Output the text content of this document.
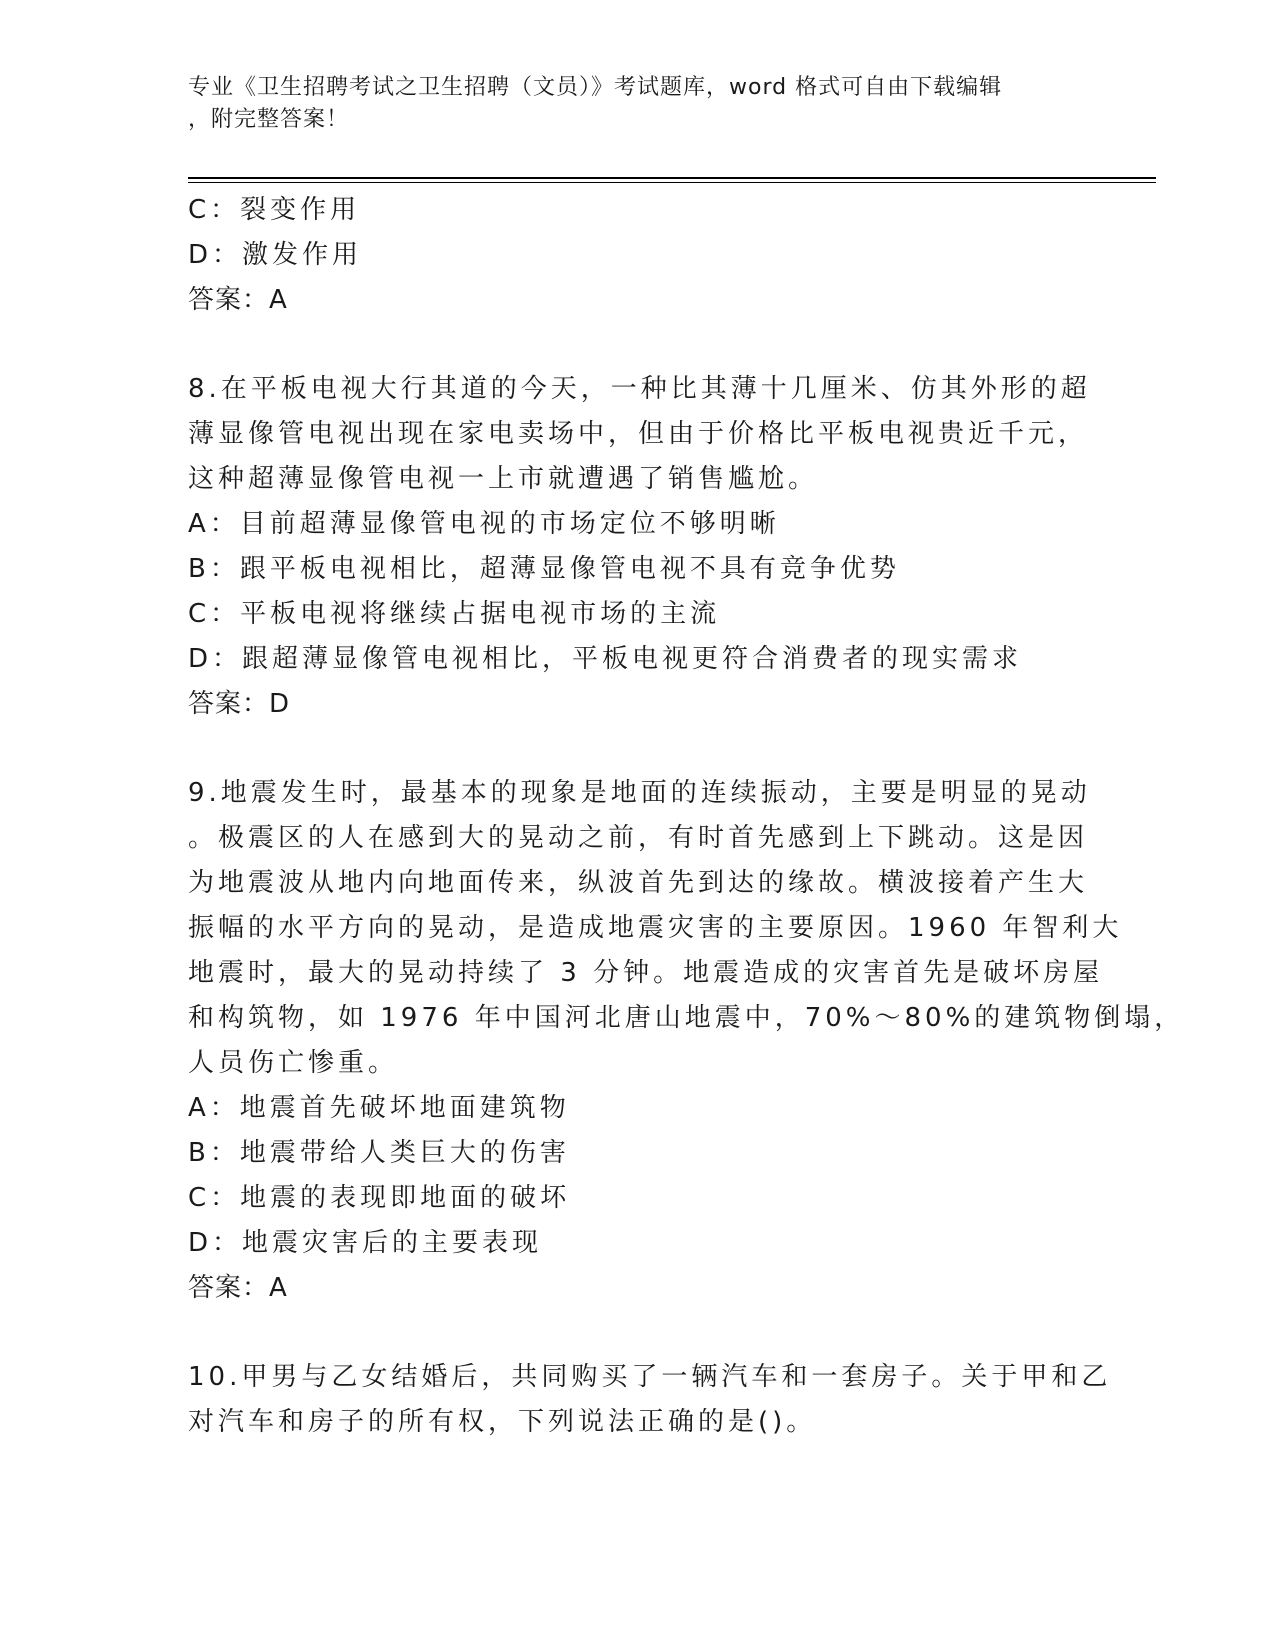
专业《卫生招聘考试之卫生招聘（文员）》考试题库，word 格式可自由下载编辑
，附完整答案！
C：裂变作用
D：激发作用
答案：A
8.在平板电视大行其道的今天，一种比其薄十几厘米、仿其外形的超
薄显像管电视出现在家电卖场中，但由于价格比平板电视贵近千元，
这种超薄显像管电视一上市就遭遇了销售尴尬。
A：目前超薄显像管电视的市场定位不够明晰
B：跟平板电视相比，超薄显像管电视不具有竞争优势
C：平板电视将继续占据电视市场的主流
D：跟超薄显像管电视相比，平板电视更符合消费者的现实需求
答案：D
9.地震发生时，最基本的现象是地面的连续振动，主要是明显的晃动
。极震区的人在感到大的晃动之前，有时首先感到上下跳动。这是因
为地震波从地内向地面传来，纵波首先到达的缘故。横波接着产生大
振幅的水平方向的晃动，是造成地震灾害的主要原因。1960 年智利大
地震时，最大的晃动持续了 3 分钟。地震造成的灾害首先是破坏房屋
和构筑物，如 1976 年中国河北唐山地震中，70%～80%的建筑物倒塌，
人员伤亡惨重。
A：地震首先破坏地面建筑物
B：地震带给人类巨大的伤害
C：地震的表现即地面的破坏
D：地震灾害后的主要表现
答案：A
10.甲男与乙女结婚后，共同购买了一辆汽车和一套房子。关于甲和乙
对汽车和房子的所有权，下列说法正确的是()。
